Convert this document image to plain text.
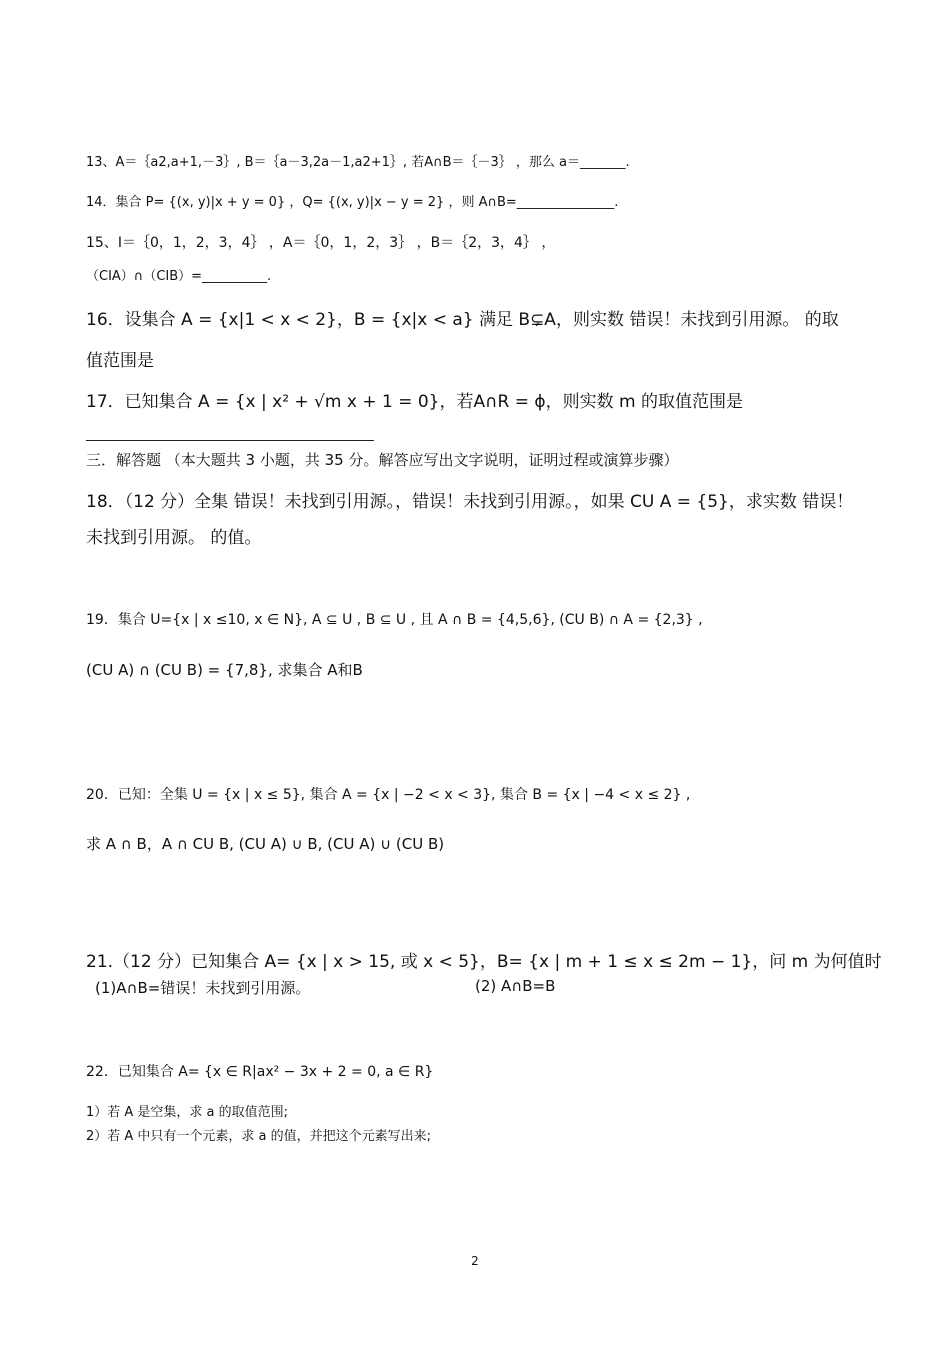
13、A＝｛a2,a+1,－3｝, B＝｛a－3,2a－1,a2+1｝, 若A∩B＝｛－3｝ ，那么 a＝_______.
14．集合 P= {(x, y)|x + y = 0} ，Q= {(x, y)|x − y = 2} ，则 A∩B=_______________.
15、I＝｛0，1，2，3，4｝ ，A＝｛0，1，2，3｝ ，B＝｛2，3，4｝ ，
（CIA）∩（CIB）=__________.
16．设集合 A = {x|1 < x < 2}，B = {x|x < a} 满足 B⊊A，则实数 错误！未找到引用源。 的取
值范围是
17．已知集合 A = {x | x² + √m x + 1 = 0}，若A∩R = ϕ，则实数 m 的取值范围是
三．解答题 （本大题共 3 小题，共 35 分。解答应写出文字说明，证明过程或演算步骤）
18．（12 分）全集 错误！未找到引用源。，错误！未找到引用源。，如果 CU A = {5}，求实数 错误！
未找到引用源。 的值。
19．集合 U={x | x ≤10, x ∈ N}, A ⊆ U , B ⊆ U , 且 A ∩ B = {4,5,6}, (CU B) ∩ A = {2,3} ,
(CU A) ∩ (CU B) = {7,8}, 求集合 A和B
20．已知：全集 U = {x | x ≤ 5}, 集合 A = {x | −2 < x < 3}, 集合 B = {x | −4 < x ≤ 2} ,
求 A ∩ B，A ∩ CU B, (CU A) ∪ B, (CU A) ∪ (CU B)
21.（12 分）已知集合 A= {x | x > 15, 或 x < 5}，B= {x | m + 1 ≤ x ≤ 2m − 1}，问 m 为何值时
(1)A∩B=错误！未找到引用源。	(2) A∩B=B
22．已知集合 A= {x ∈ R|ax² − 3x + 2 = 0, a ∈ R}
1）若 A 是空集，求 a 的取值范围;
2）若 A 中只有一个元素，求 a 的值，并把这个元素写出来;
2
